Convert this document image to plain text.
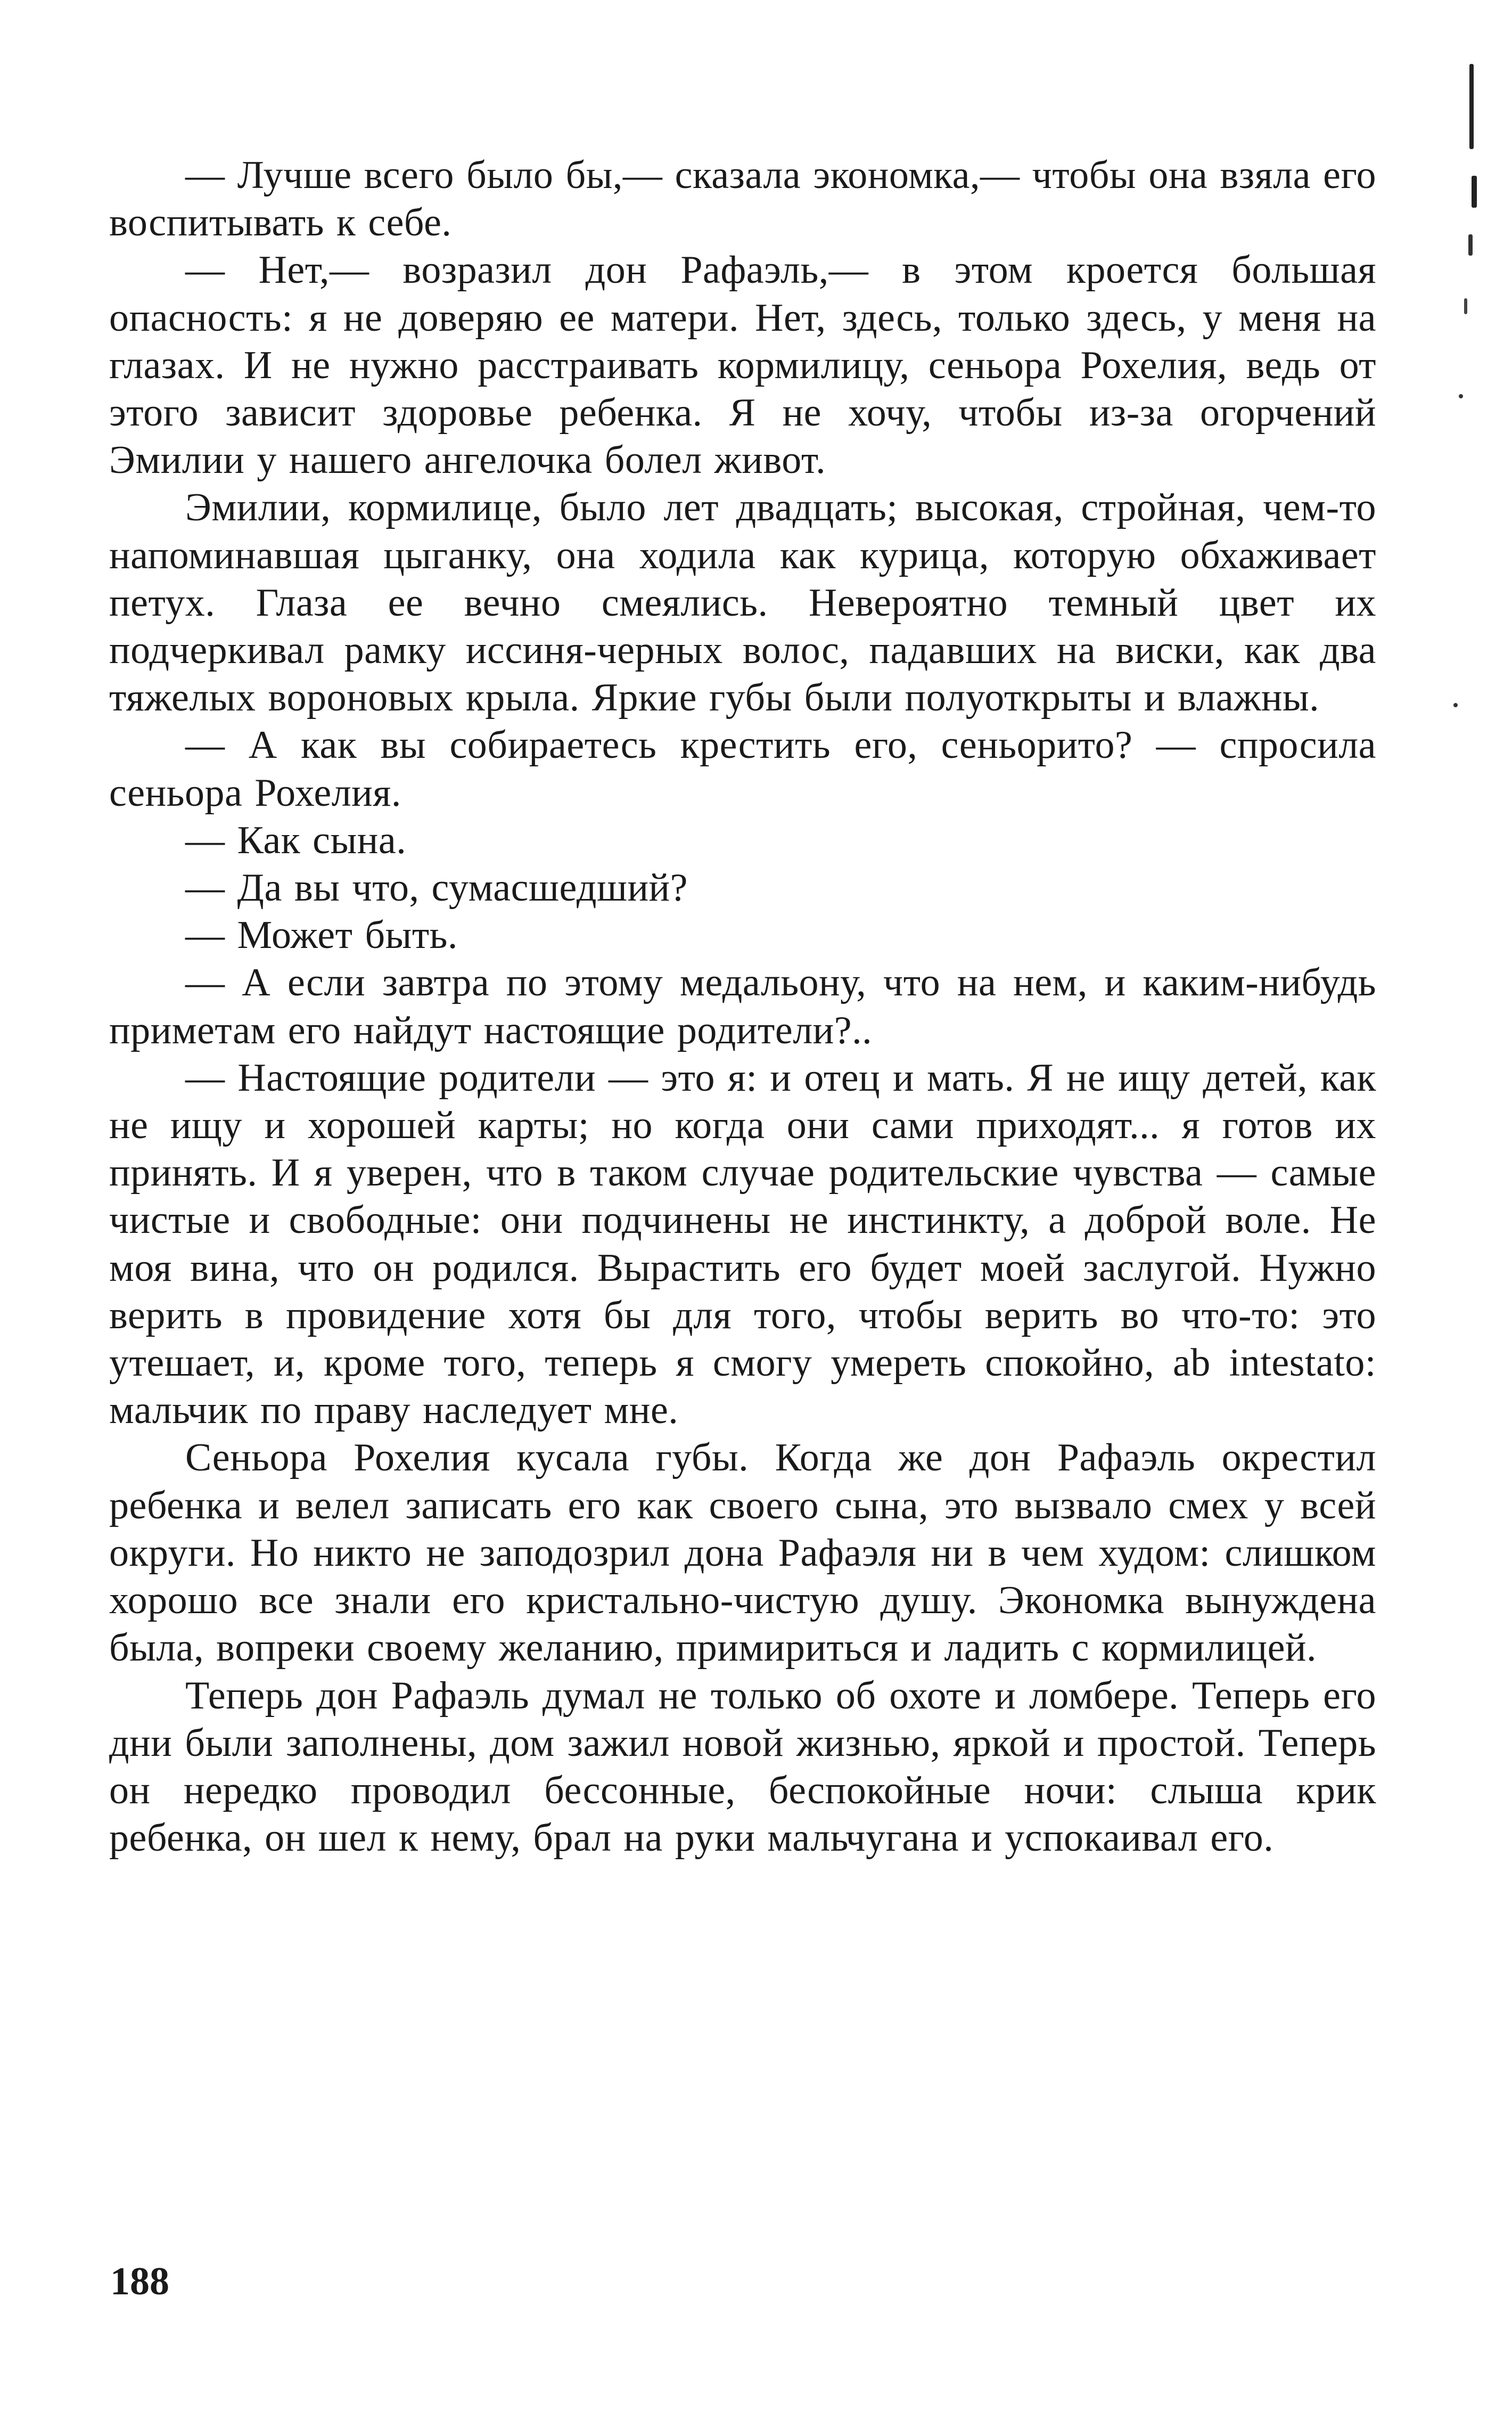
— Лучше всего было бы,— сказала экономка,— чтобы она взяла его воспитывать к себе.

— Нет,— возразил дон Рафаэль,— в этом кроется большая опасность: я не доверяю ее матери. Нет, здесь, только здесь, у меня на глазах. И не нужно расстраивать кормилицу, сеньора Рохелия, ведь от этого зависит здоровье ребенка. Я не хочу, чтобы из-за огорчений Эмилии у нашего ангелочка болел живот.

Эмилии, кормилице, было лет двадцать; высокая, стройная, чем-то напоминавшая цыганку, она ходила как курица, которую обхаживает петух. Глаза ее вечно смеялись. Невероятно темный цвет их подчеркивал рамку иссиня-черных волос, падавших на виски, как два тяжелых вороновых крыла. Яркие губы были полуоткрыты и влажны.

— А как вы собираетесь крестить его, сеньорито? — спросила сеньора Рохелия.

— Как сына.

— Да вы что, сумасшедший?

— Может быть.

— А если завтра по этому медальону, что на нем, и каким-нибудь приметам его найдут настоящие родители?..

— Настоящие родители — это я: и отец и мать. Я не ищу детей, как не ищу и хорошей карты; но когда они сами приходят... я готов их принять. И я уверен, что в таком случае родительские чувства — самые чистые и свободные: они подчинены не инстинкту, а доброй воле. Не моя вина, что он родился. Вырастить его будет моей заслугой. Нужно верить в провидение хотя бы для того, чтобы верить во что-то: это утешает, и, кроме того, теперь я смогу умереть спокойно, ab intestato: мальчик по праву наследует мне.

Сеньора Рохелия кусала губы. Когда же дон Рафаэль окрестил ребенка и велел записать его как своего сына, это вызвало смех у всей округи. Но никто не заподозрил дона Рафаэля ни в чем худом: слишком хорошо все знали его кристально-чистую душу. Экономка вынуждена была, вопреки своему желанию, примириться и ладить с кормилицей.

Теперь дон Рафаэль думал не только об охоте и ломбере. Теперь его дни были заполнены, дом зажил новой жизнью, яркой и простой. Теперь он нередко проводил бессонные, беспокойные ночи: слыша крик ребенка, он шел к нему, брал на руки мальчугана и успокаивал его.

188
